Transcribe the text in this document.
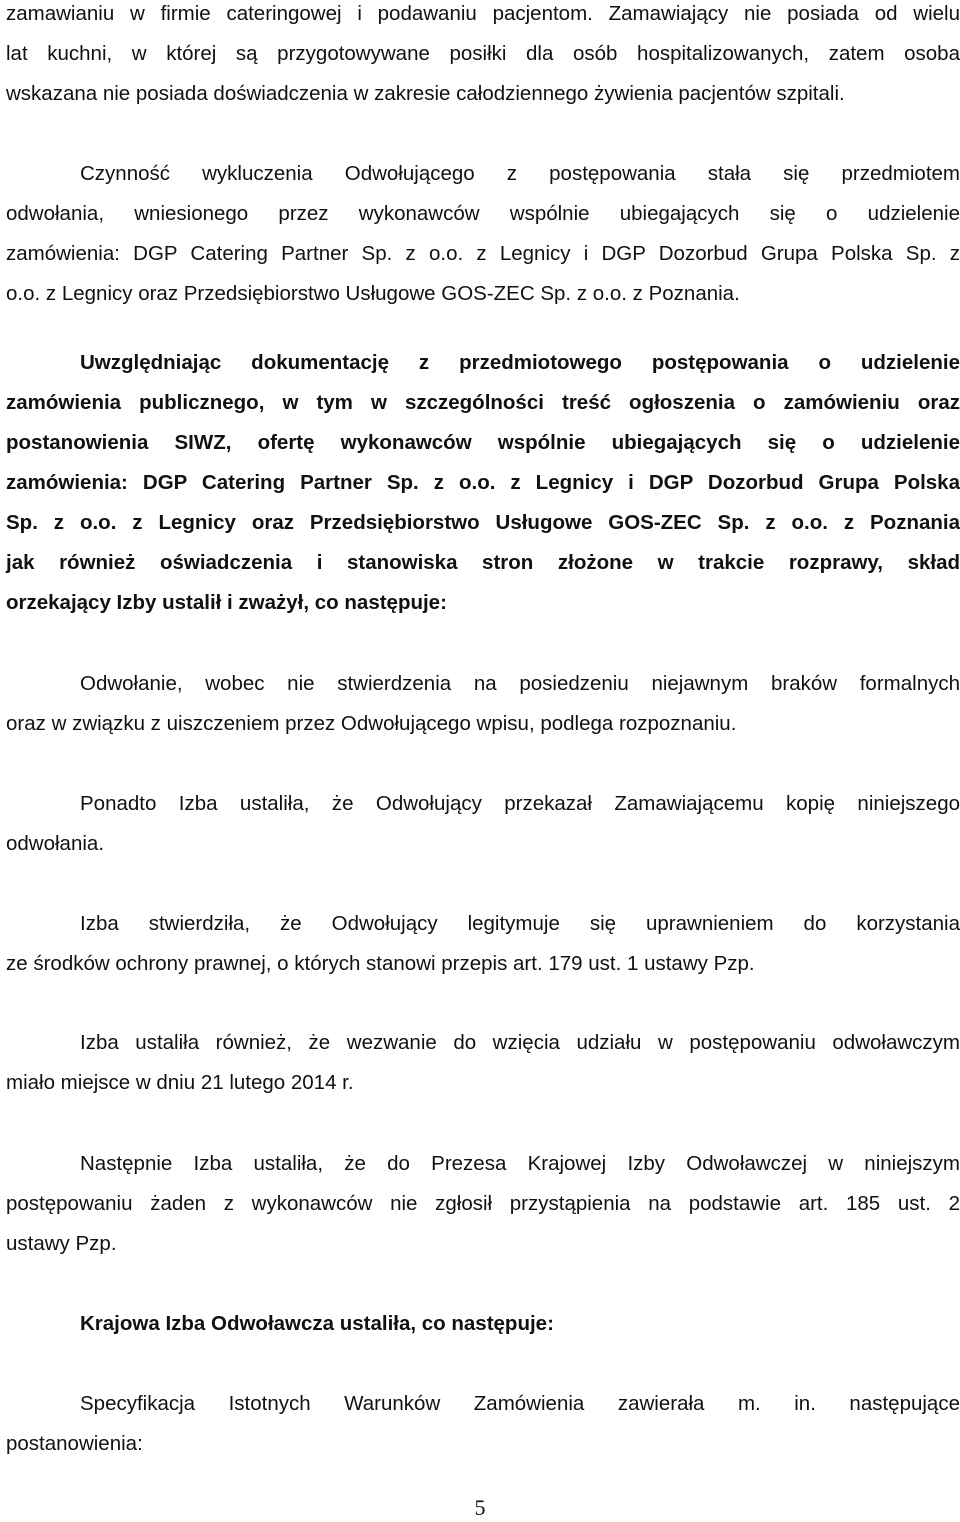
zamawianiu w firmie cateringowej i podawaniu pacjentom. Zamawiający nie posiada od wielu
lat kuchni, w której są przygotowywane posiłki dla osób hospitalizowanych, zatem osoba
wskazana nie posiada doświadczenia w zakresie całodziennego żywienia pacjentów szpitali.
Czynność wykluczenia Odwołującego z postępowania stała się przedmiotem
odwołania, wniesionego przez wykonawców wspólnie ubiegających się o udzielenie
zamówienia: DGP Catering Partner Sp. z o.o. z Legnicy i DGP Dozorbud Grupa Polska Sp. z
o.o. z Legnicy oraz Przedsiębiorstwo Usługowe GOS-ZEC Sp. z o.o. z Poznania.
Uwzględniając dokumentację z przedmiotowego postępowania o udzielenie
zamówienia publicznego, w tym w szczególności treść ogłoszenia o zamówieniu oraz
postanowienia SIWZ, ofertę wykonawców wspólnie ubiegających się o udzielenie
zamówienia: DGP Catering Partner Sp. z o.o. z Legnicy i DGP Dozorbud Grupa Polska
Sp. z o.o. z Legnicy oraz Przedsiębiorstwo Usługowe GOS-ZEC Sp. z o.o. z Poznania
jak również oświadczenia i stanowiska stron złożone w trakcie rozprawy, skład
orzekający Izby ustalił i zważył, co następuje:
Odwołanie, wobec nie stwierdzenia na posiedzeniu niejawnym braków formalnych
oraz w związku z uiszczeniem przez Odwołującego wpisu, podlega rozpoznaniu.
Ponadto Izba ustaliła, że Odwołujący przekazał Zamawiającemu kopię niniejszego
odwołania.
Izba stwierdziła, że Odwołujący legitymuje się uprawnieniem do korzystania
ze środków ochrony prawnej, o których stanowi przepis art. 179 ust. 1 ustawy Pzp.
Izba ustaliła również, że wezwanie do wzięcia udziału w postępowaniu odwoławczym
miało miejsce w dniu 21 lutego 2014 r.
Następnie Izba ustaliła, że do Prezesa Krajowej Izby Odwoławczej w niniejszym
postępowaniu żaden z wykonawców nie zgłosił przystąpienia na podstawie art. 185 ust. 2
ustawy Pzp.
Krajowa Izba Odwoławcza ustaliła, co następuje:
Specyfikacja Istotnych Warunków Zamówienia zawierała m. in. następujące
postanowienia:
5
